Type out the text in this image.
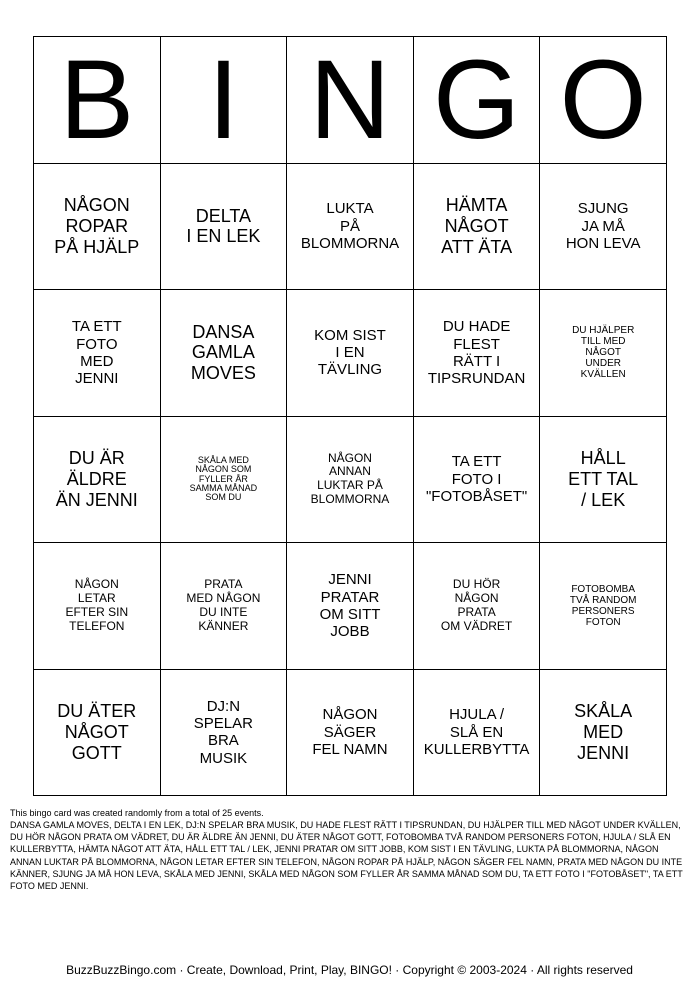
B I N G O
NÅGON
ROPAR
PÅ HJÄLP
DELTA
I EN LEK
LUKTA
PÅ
BLOMMORNA
HÄMTA
NÅGOT
ATT ÄTA
SJUNG
JA MÅ
HON LEVA
TA ETT
FOTO
MED
JENNI
DANSA
GAMLA
MOVES
KOM SIST
I EN
TÄVLING
DU HADE
FLEST
RÄTT I
TIPSRUNDAN
DU HJÄLPER
TILL MED
NÅGOT
UNDER
KVÄLLEN
DU ÄR
ÄLDRE
ÄN JENNI
SKÅLA MED
NÅGON SOM
FYLLER ÅR
SAMMA MÅNAD
SOM DU
NÅGON
ANNAN
LUKTAR PÅ
BLOMMORNA
TA ETT
FOTO I
"FOTOBÅSET"
HÅLL
ETT TAL
/ LEK
NÅGON
LETAR
EFTER SIN
TELEFON
PRATA
MED NÅGON
DU INTE
KÄNNER
JENNI
PRATAR
OM SITT
JOBB
DU HÖR
NÅGON
PRATA
OM VÄDRET
FOTOBOMBA
TVÅ RANDOM
PERSONERS
FOTON
DU ÄTER
NÅGOT
GOTT
DJ:N
SPELAR
BRA
MUSIK
NÅGON
SÄGER
FEL NAMN
HJULA /
SLÅ EN
KULLERBYTTA
SKÅLA
MED
JENNI

This bingo card was created randomly from a total of 25 events.

DANSA GAMLA MOVES, DELTA I EN LEK, DJ:N SPELAR BRA MUSIK, DU HADE FLEST RÄTT I TIPSRUNDAN, DU HJÄLPER TILL MED NÅGOT UNDER KVÄLLEN, DU HÖR NÅGON PRATA OM VÄDRET, DU ÄR ÄLDRE ÄN JENNI, DU ÄTER NÅGOT GOTT, FOTOBOMBA TVÅ RANDOM PERSONERS FOTON, HJULA / SLÅ EN KULLERBYTTA, HÄMTA NÅGOT ATT ÄTA, HÅLL ETT TAL / LEK, JENNI PRATAR OM SITT JOBB, KOM SIST I EN TÄVLING, LUKTA PÅ BLOMMORNA, NÅGON ANNAN LUKTAR PÅ BLOMMORNA, NÅGON LETAR EFTER SIN TELEFON, NÅGON ROPAR PÅ HJÄLP, NÅGON SÄGER FEL NAMN, PRATA MED NÅGON DU INTE KÄNNER, SJUNG JA MÅ HON LEVA, SKÅLA MED JENNI, SKÅLA MED NÅGON SOM FYLLER ÅR SAMMA MÅNAD SOM DU, TA ETT FOTO I "FOTOBÅSET", TA ETT FOTO MED JENNI.

BuzzBuzzBingo.com · Create, Download, Print, Play, BINGO! · Copyright © 2003-2024 · All rights reserved
